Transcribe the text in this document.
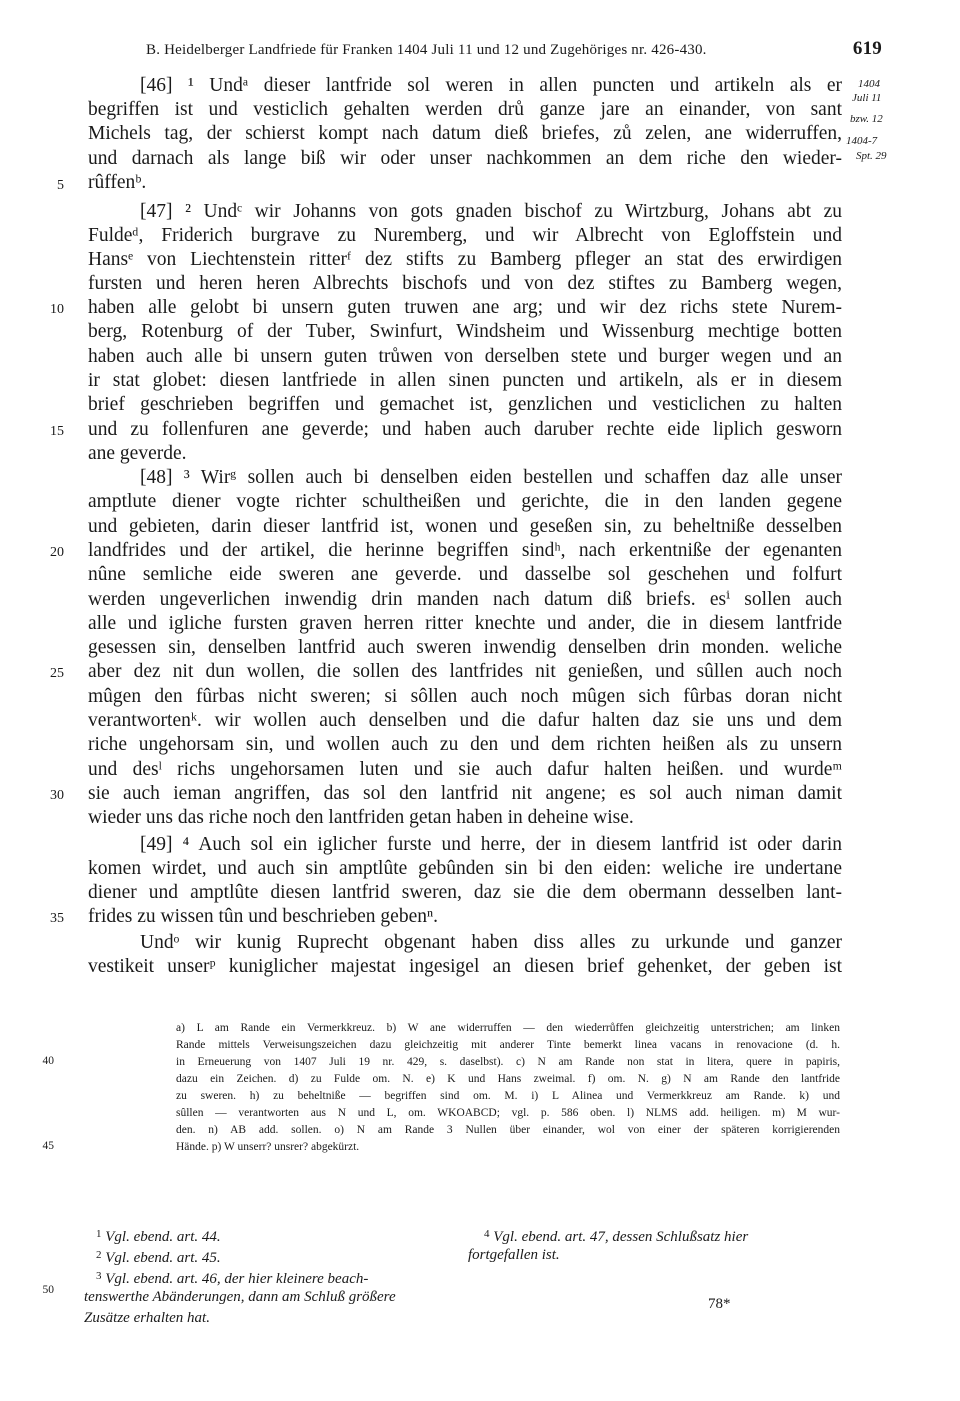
B. Heidelberger Landfriede für Franken 1404 Juli 11 und 12 und Zugehöriges nr. 426-430.	619
1404
Juli 11
bzw. 12
1404-7
Spt. 29
[46] ¹ Undᵃ dieser lantfride sol weren in allen puncten und artikeln als er
begriffen ist und vesticlich gehalten werden drů ganze jare an einander, von sant
Michels tag, der schierst kompt nach datum dieß briefes, zů zelen, ane widerruffen,
und darnach als lange biß wir oder unser nachkommen an dem riche den wieder-
rûffenᵇ.
[47] ² Undᶜ wir Johanns von gots gnaden bischof zu Wirtzburg, Johans abt zu
Fuldeᵈ, Friderich burgrave zu Nuremberg, und wir Albrecht von Egloffstein und
Hansᵉ von Liechtenstein ritterᶠ dez stifts zu Bamberg pfleger an stat des erwirdigen
fursten und heren heren Albrechts bischofs und von dez stiftes zu Bamberg wegen,
haben alle gelobt bi unsern guten truwen ane arg; und wir dez richs stete Nurem-
berg, Rotenburg of der Tuber, Swinfurt, Windsheim und Wissenburg mechtige botten
haben auch alle bi unsern guten trůwen von derselben stete und burger wegen und an
ir stat globet: diesen lantfriede in allen sinen puncten und artikeln, als er in diesem
brief geschrieben begriffen und gemachet ist, genzlichen und vesticlichen zu halten
und zu follenfuren ane geverde; und haben auch daruber rechte eide liplich gesworn
ane geverde.
[48] ³ Wirᵍ sollen auch bi denselben eiden bestellen und schaffen daz alle unser
amptlute diener vogte richter schultheißen und gerichte, die in den landen gegene
und gebieten, darin dieser lantfrid ist, wonen und geseßen sin, zu beheltniße desselben
landfrides und der artikel, die herinne begriffen sindʰ, nach erkentniße der egenanten
nûne semliche eide sweren ane geverde. und dasselbe sol geschehen und folfurt
werden ungeverlichen inwendig drin manden nach datum diß briefs. esⁱ sollen auch
alle und igliche fursten graven herren ritter knechte und ander, die in diesem lantfride
gesessen sin, denselben lantfrid auch sweren inwendig denselben drin monden. weliche
aber dez nit dun wollen, die sollen des lantfrides nit genießen, und sûllen auch noch
mûgen den fûrbas nicht sweren; si sôllen auch noch mûgen sich fûrbas doran nicht
verantwortenᵏ. wir wollen auch denselben und die dafur halten daz sie uns und dem
riche ungehorsam sin, und wollen auch zu den und dem richten heißen als zu unsern
und desˡ richs ungehorsamen luten und sie auch dafur halten heißen. und wurdeᵐ
sie auch ieman angriffen, das sol den lantfrid nit angene; es sol auch niman damit
wieder uns das riche noch den lantfriden getan haben in deheine wise.
[49] ⁴ Auch sol ein iglicher furste und herre, der in diesem lantfrid ist oder darin
komen wirdet, und auch sin amptlûte gebûnden sin bi den eiden: weliche ire undertane
diener und amptlûte diesen lantfrid sweren, daz sie die dem obermann desselben lant-
frides zu wissen tûn und beschrieben gebenⁿ.
Undᵒ wir kunig Ruprecht obgenant haben diss alles zu urkunde und ganzer
vestikeit unserᵖ kuniglicher majestat ingesigel an diesen brief gehenket, der geben ist
5
10
15
20
25
30
35
a) L am Rande ein Vermerkkreuz. b) W ane widerruffen — den wiederrůffen gleichzeitig unterstrichen; am linken
Rande mittels Verweisungszeichen dazu gleichzeitig mit anderer Tinte bemerkt linea vacans in renovacione (d. h.
in Erneuerung von 1407 Juli 19 nr. 429, s. daselbst). c) N am Rande non stat in litera, quere in papiris,
dazu ein Zeichen. d) zu Fulde om. N. e) K und Hans zweimal. f) om. N. g) N am Rande den lantfride
zu sweren. h) zu beheltniße — begriffen sind om. M. i) L Alinea und Vermerkkreuz am Rande. k) und
sûllen — verantworten aus N und L, om. WKOABCD; vgl. p. 586 oben. l) NLMS add. heiligen. m) M wur-
den. n) AB add. sollen. o) N am Rande 3 Nullen über einander, wol von einer der späteren korrigierenden
Hände. p) W unserr? unsrer? abgekürzt.
40
45
$^1$ Vgl. ebend. art. 44.
$^2$ Vgl. ebend. art. 45.
$^3$ Vgl. ebend. art. 46, der hier kleinere beach-
tenswerthe Abänderungen, dann am Schluß größere
Zusätze erhalten hat.
$^4$ Vgl. ebend. art. 47, dessen Schlußsatz hier
fortgefallen ist.
50
78*
